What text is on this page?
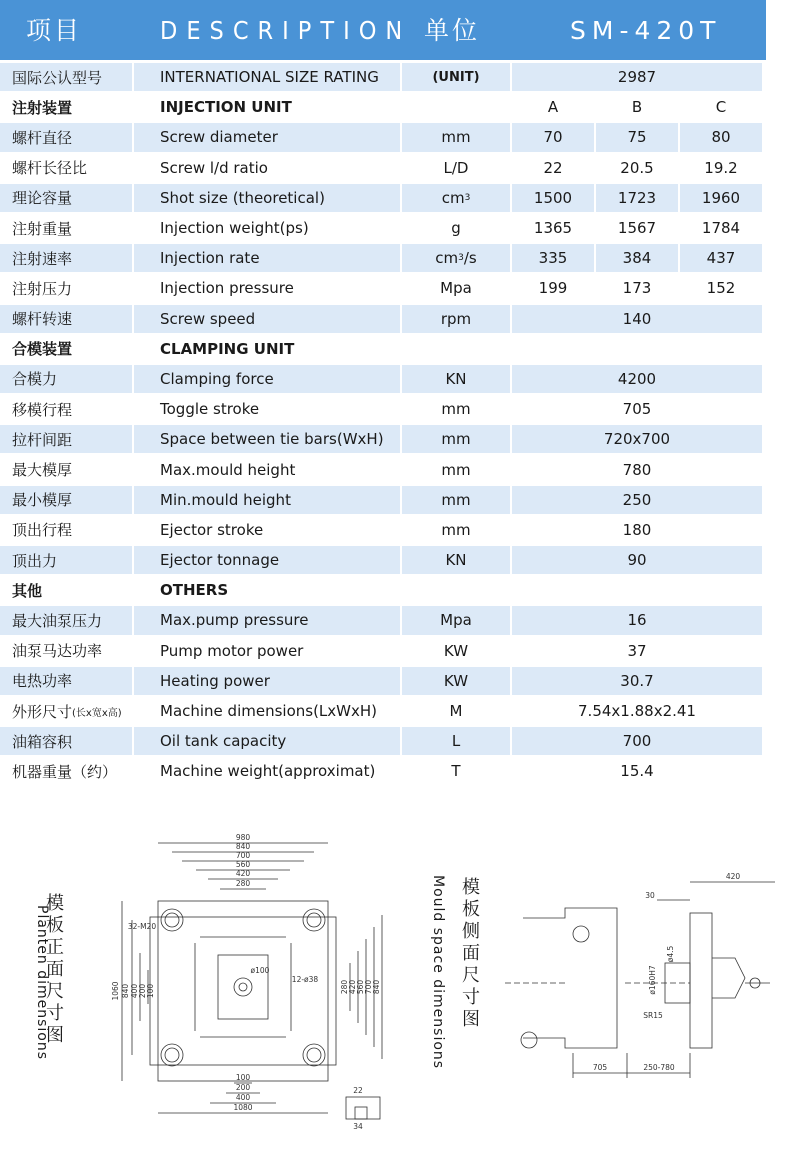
项目	DESCRIPTION 单位	SM-420T
国际公认型号	INTERNATIONAL SIZE RATING	(UNIT)	2987
注射装置	INJECTION UNIT	A	B	C
螺杆直径	Screw diameter	mm	70	75	80
螺杆长径比	Screw l/d ratio	L/D	22	20.5	19.2
理论容量	Shot size (theoretical)	cm 3	1500	1723	1960
注射重量	Injection weight(ps)	g	1365	1567	1784
注射速率	Injection rate	cm 3 /s	335	384	437
注射压力	Injection pressure	Mpa	199	173	152
螺杆转速	Screw speed	rpm	140
合模装置	CLAMPING UNIT
合模力	Clamping force	KN	4200
移模行程	Toggle stroke	mm	705
拉杆间距	Space between tie bars(WxH)	mm	720x700
最大模厚	Max.mould height	mm	780
最小模厚	Min.mould height	mm	250
顶出行程	Ejector stroke	mm	180
顶出力	Ejector tonnage	KN	90
其他	OTHERS
最大油泵压力	Max.pump pressure	Mpa	16
油泵马达功率	Pump motor power	KW	37
电热功率	Heating power	KW	30.7
外形尺寸 (长x宽x高)	Machine dimensions(LxWxH)	M	7.54x1.88x2.41
油箱容积	Oil tank capacity	L	700
机器重量（约）	Machine weight(approximat)	T	15.4
模板正面尺寸图
Planten dimensions
980
840
700
560
420
280
100
200
400
1080
1060 840 400 200 100	280 420 560 700 840
32-M20
ø100
12-ø38
22
34
Mould space dimensions 模板侧面尺寸图
420
30
ø4.5
ø160H7
SR15
705	250-780
